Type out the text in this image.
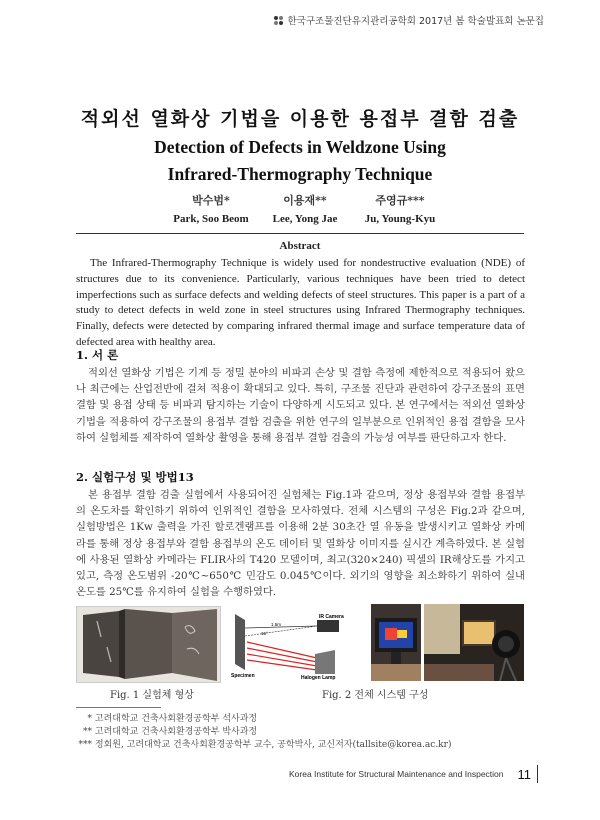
한국구조물진단유지관리공학회 2017년 봄 학술발표회 논문집
적외선 열화상 기법을 이용한 용접부 결함 검출
Detection of Defects in Weldzone Using
Infrared-Thermography Technique
박수범*
Park, Soo Beom
이용재**
Lee, Yong Jae
주영규***
Ju, Young-Kyu
Abstract
The Infrared-Thermography Technique is widely used for nondestructive evaluation (NDE) of structures due to its convenience. Particularly, various techniques have been tried to detect imperfections such as surface defects and welding defects of steel structures. This paper is a part of a study to detect defects in weld zone in steel structures using Infrared Thermography techniques. Finally, defects were detected by comparing infrared thermal image and surface temperature data of defected area with healthy area.
1. 서 론
적외선 열화상 기법은 기계 등 정밀 분야의 비파괴 손상 및 결함 측정에 제한적으로 적용되어 왔으나 최근에는 산업전반에 걸쳐 적용이 확대되고 있다. 특히, 구조물 진단과 관련하여 강구조물의 표면 결함 및 용접 상태 등 비파괴 탐지하는 기술이 다양하게 시도되고 있다. 본 연구에서는 적외선 열화상 기법을 적용하여 강구조물의 용접부 결함 검출을 위한 연구의 일부분으로 인위적인 용접 결함을 모사하여 실험체를 제작하여 열화상 촬영을 통해 용접부 결함 검출의 가능성 여부를 판단하고자 한다.
2. 실험구성 및 방법13
본 용접부 결함 검출 실험에서 사용되어진 실험체는 Fig.1과 같으며, 정상 용접부와 결함 용접부의 온도차를 확인하기 위하여 인위적인 결함을 모사하였다. 전체 시스템의 구성은 Fig.2과 같으며, 실험방법은 1Kw 출력을 가진 할로겐램프를 이용해 2분 30초간 열 유동을 발생시키고 열화상 카메라를 통해 정상 용접부와 결함 용접부의 온도 데이터 및 열화상 이미지를 실시간 계측하였다. 본 실험에 사용된 열화상 카메라는 FLIR사의 T420 모델이며, 최고(320×240) 픽셀의 IR해상도를 가지고 있고, 측정 온도범위 -20℃~650℃ 민감도 0.045℃이다. 외기의 영향을 최소화하기 위하여 실내 온도를 25℃를 유지하여 실험을 수행하였다.
IR Camera
1.5m
15°
Specimen	Halogen Lamp
Fig. 1 실험체 형상	Fig. 2 전체 시스템 구성
* 고려대학교 건축사회환경공학부 석사과정
** 고려대학교 건축사회환경공학부 박사과정
*** 정회원, 고려대학교 건축사회환경공학부 교수, 공학박사, 교신저자(tallsite@korea.ac.kr)
Korea Institute for Structural Maintenance and Inspection 11
